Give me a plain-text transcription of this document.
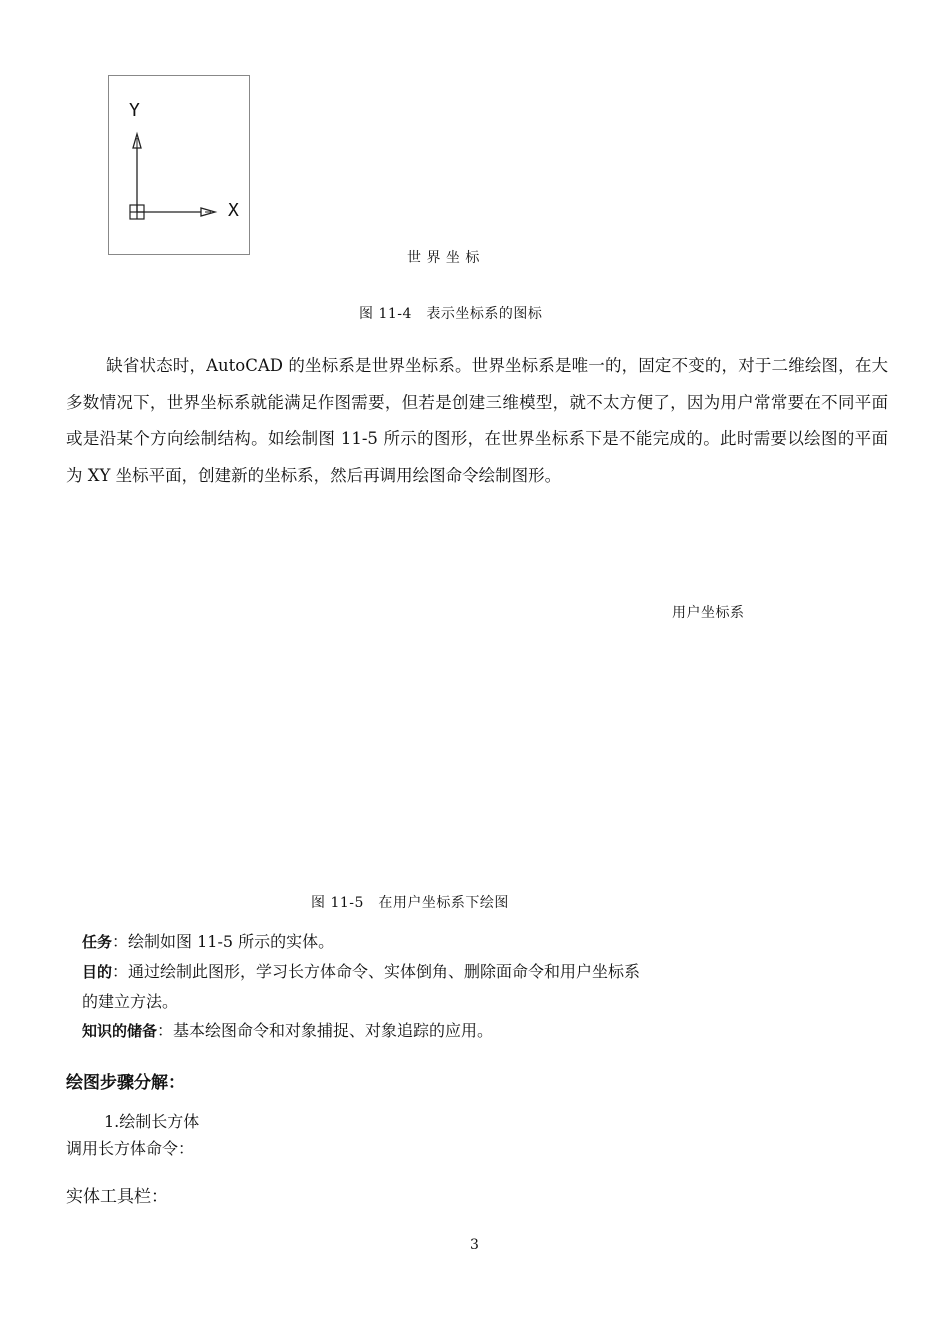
Y
X
世 界 坐 标
图 11-4　表示坐标系的图标

缺省状态时，AutoCAD 的坐标系是世界坐标系。世界坐标系是唯一的，固定不变的，对于二维绘图，在大多数情况下，世界坐标系就能满足作图需要，但若是创建三维模型，就不太方便了，因为用户常常要在不同平面或是沿某个方向绘制结构。如绘制图 11-5 所示的图形，在世界坐标系下是不能完成的。此时需要以绘图的平面为 XY 坐标平面，创建新的坐标系，然后再调用绘图命令绘制图形。

用户坐标系
图 11-5　在用户坐标系下绘图
任务：绘制如图 11-5 所示的实体。
目的：通过绘制此图形，学习长方体命令、实体倒角、删除面命令和用户坐标系
的建立方法。
知识的储备：基本绘图命令和对象捕捉、对象追踪的应用。
绘图步骤分解：
1.绘制长方体
调用长方体命令：
实体工具栏：
3
